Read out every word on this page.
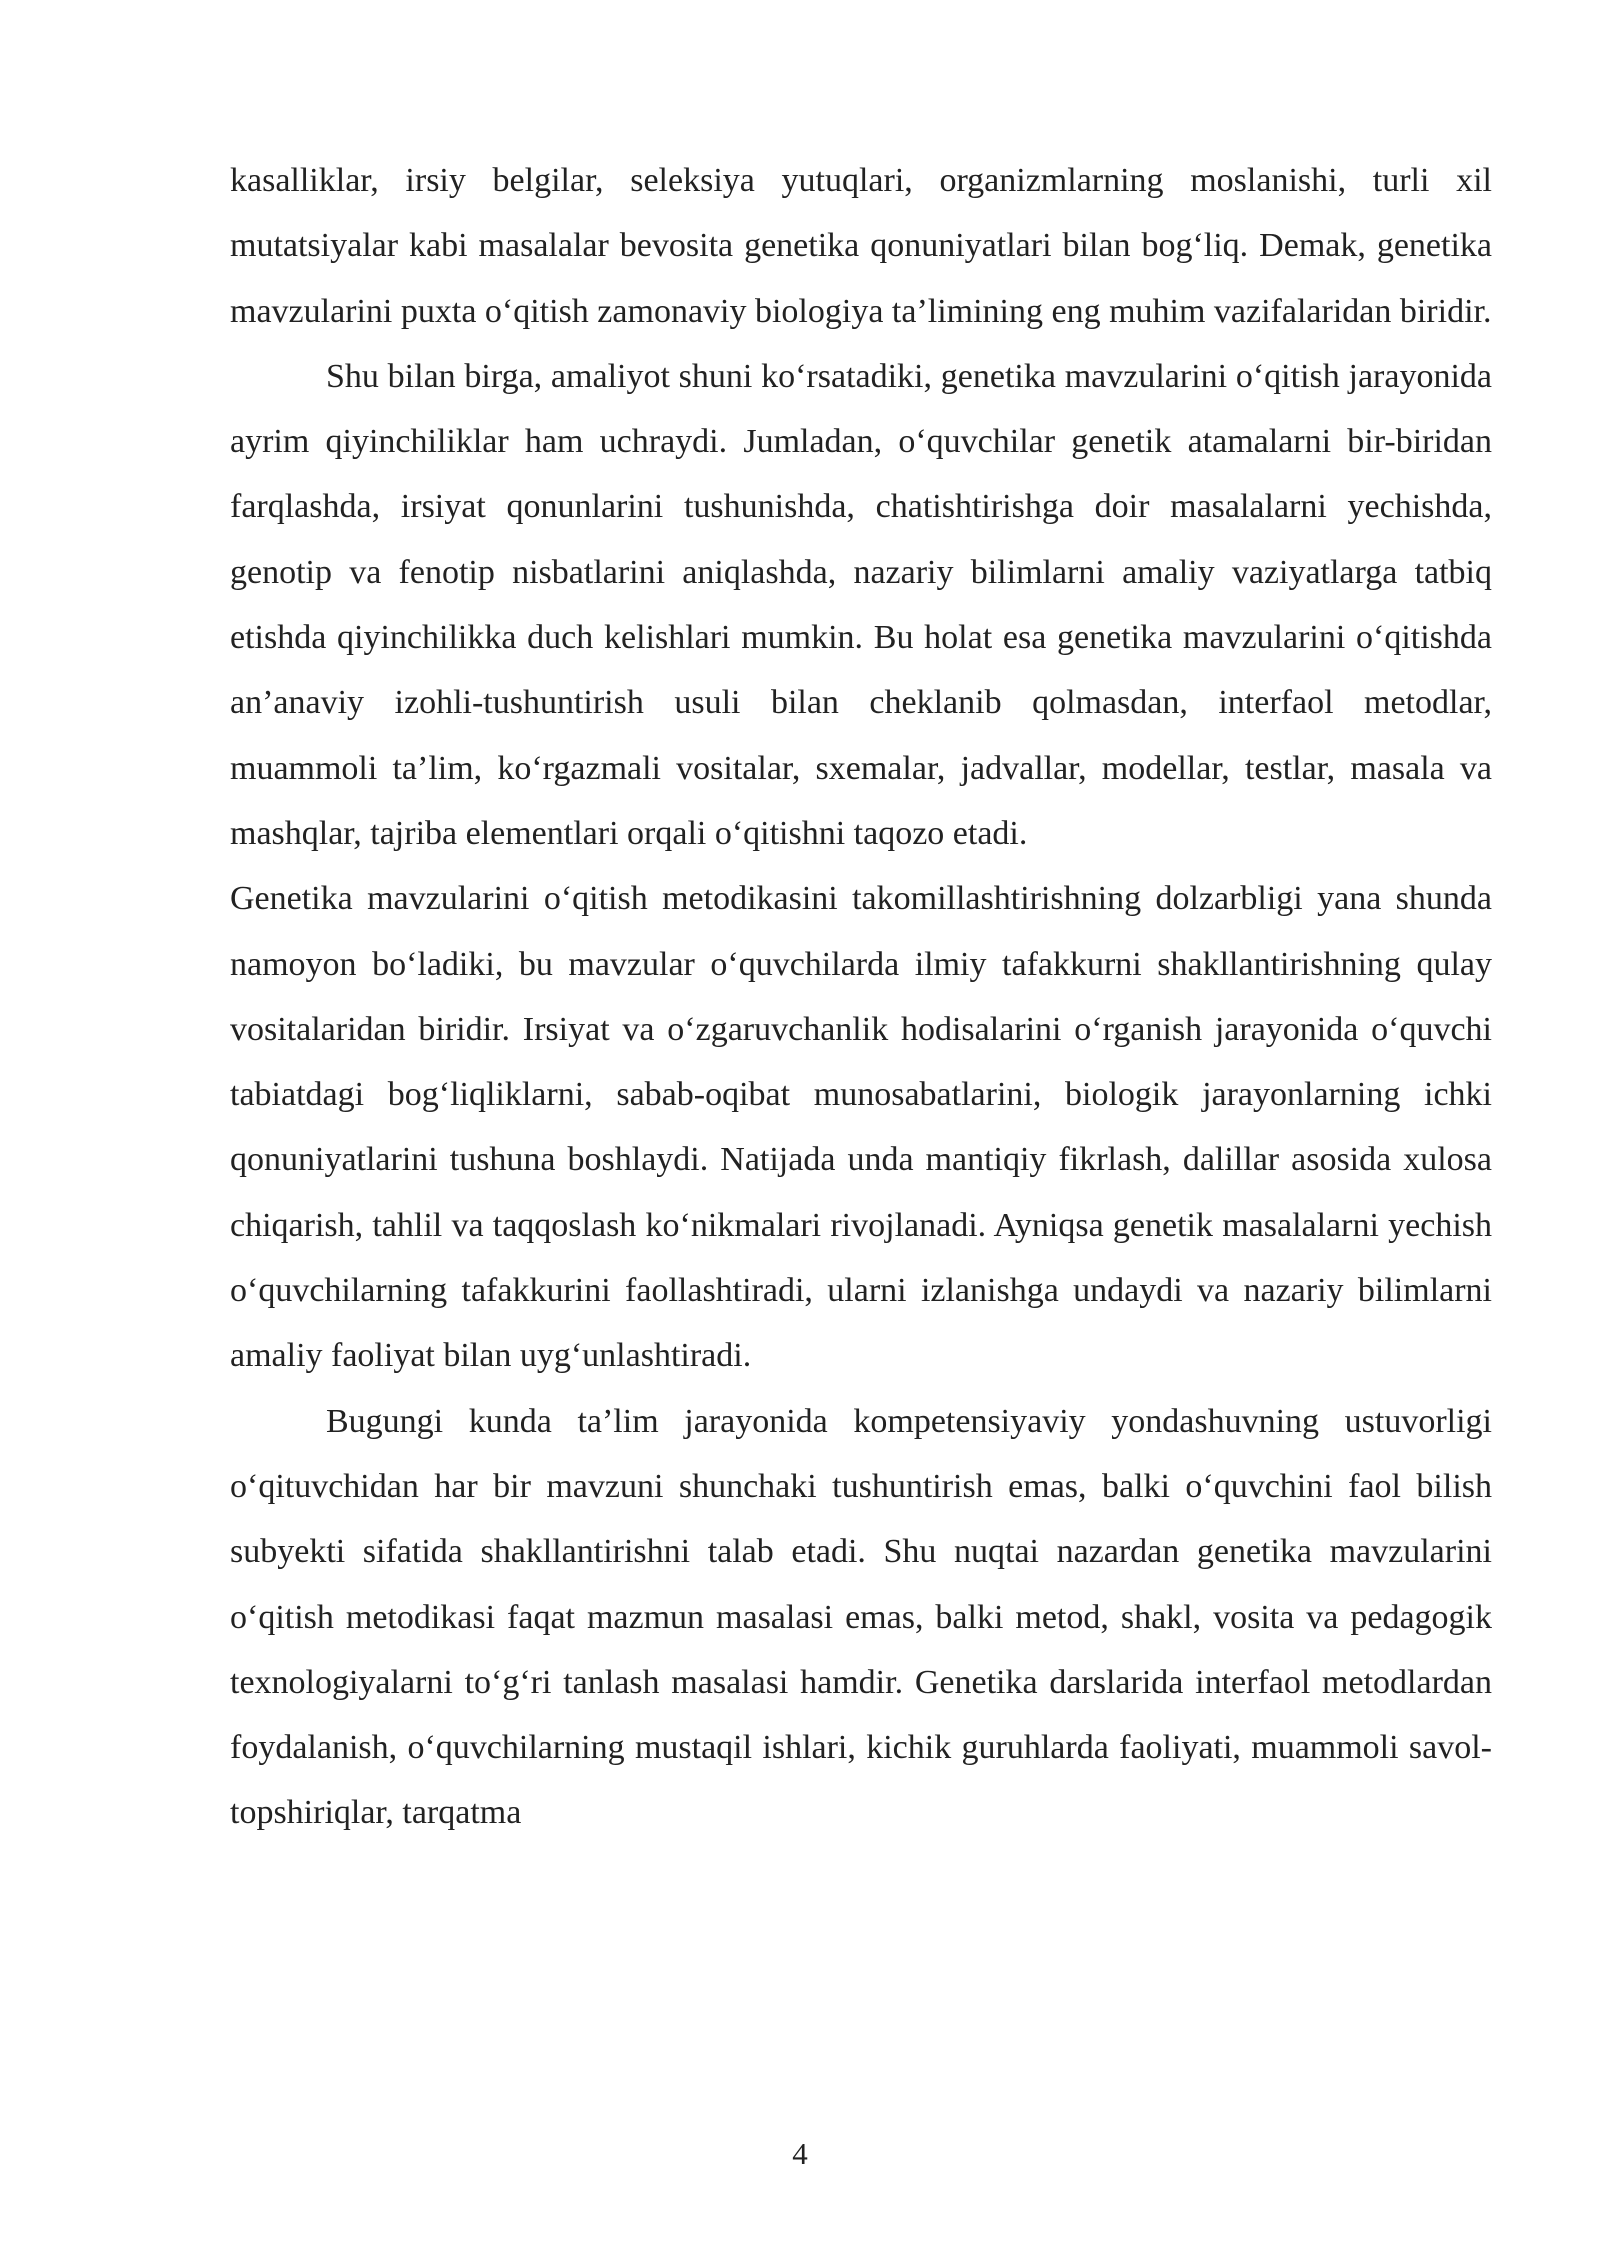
kasalliklar, irsiy belgilar, seleksiya yutuqlari, organizmlarning moslanishi, turli xil mutatsiyalar kabi masalalar bevosita genetika qonuniyatlari bilan bog‘liq. Demak, genetika mavzularini puxta o‘qitish zamonaviy biologiya ta’limining eng muhim vazifalaridan biridir.

Shu bilan birga, amaliyot shuni ko‘rsatadiki, genetika mavzularini o‘qitish jarayonida ayrim qiyinchiliklar ham uchraydi. Jumladan, o‘quvchilar genetik atamalarni bir-biridan farqlashda, irsiyat qonunlarini tushunishda, chatishtirishga doir masalalarni yechishda, genotip va fenotip nisbatlarini aniqlashda, nazariy bilimlarni amaliy vaziyatlarga tatbiq etishda qiyinchilikka duch kelishlari mumkin. Bu holat esa genetika mavzularini o‘qitishda an’anaviy izohli-tushuntirish usuli bilan cheklanib qolmasdan, interfaol metodlar, muammoli ta’lim, ko‘rgazmali vositalar, sxemalar, jadvallar, modellar, testlar, masala va mashqlar, tajriba elementlari orqali o‘qitishni taqozo etadi.

Genetika mavzularini o‘qitish metodikasini takomillashtirishning dolzarbligi yana shunda namoyon bo‘ladiki, bu mavzular o‘quvchilarda ilmiy tafakkurni shakllantirishning qulay vositalaridan biridir. Irsiyat va o‘zgaruvchanlik hodisalarini o‘rganish jarayonida o‘quvchi tabiatdagi bog‘liqliklarni, sabab-oqibat munosabatlarini, biologik jarayonlarning ichki qonuniyatlarini tushuna boshlaydi. Natijada unda mantiqiy fikrlash, dalillar asosida xulosa chiqarish, tahlil va taqqoslash ko‘nikmalari rivojlanadi. Ayniqsa genetik masalalarni yechish o‘quvchilarning tafakkurini faollashtiradi, ularni izlanishga undaydi va nazariy bilimlarni amaliy faoliyat bilan uyg‘unlashtiradi.

Bugungi kunda ta’lim jarayonida kompetensiyaviy yondashuvning ustuvorligi o‘qituvchidan har bir mavzuni shunchaki tushuntirish emas, balki o‘quvchini faol bilish subyekti sifatida shakllantirishni talab etadi. Shu nuqtai nazardan genetika mavzularini o‘qitish metodikasi faqat mazmun masalasi emas, balki metod, shakl, vosita va pedagogik texnologiyalarni to‘g‘ri tanlash masalasi hamdir. Genetika darslarida interfaol metodlardan foydalanish, o‘quvchilarning mustaqil ishlari, kichik guruhlarda faoliyati, muammoli savol-topshiriqlar, tarqatma

4
